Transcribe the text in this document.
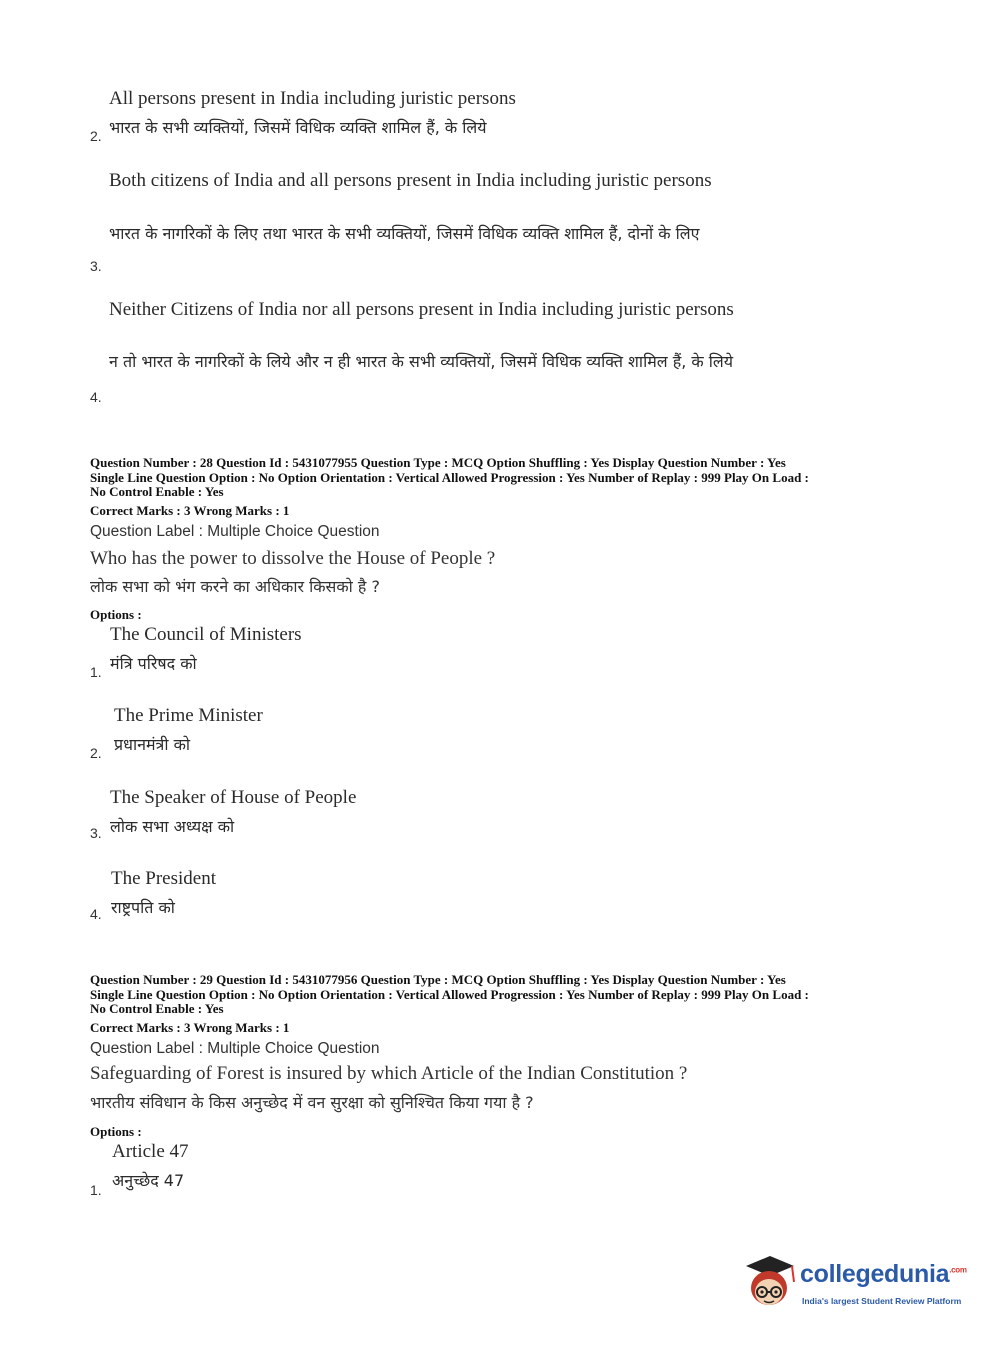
All persons present in India including juristic persons
भारत के सभी व्यक्तियों, जिसमें विधिक व्यक्ति शामिल हैं, के लिये
2.
Both citizens of India and all persons present in India including juristic persons
भारत के नागरिकों के लिए तथा भारत के सभी व्यक्तियों, जिसमें विधिक व्यक्ति शामिल हैं, दोनों के लिए
3.
Neither Citizens of India nor all persons present in India including juristic persons
न तो भारत के नागरिकों के लिये और न ही भारत के सभी व्यक्तियों, जिसमें विधिक व्यक्ति शामिल हैं, के लिये
4.
Question Number : 28 Question Id : 5431077955 Question Type : MCQ Option Shuffling : Yes Display Question Number : Yes
Single Line Question Option : No Option Orientation : Vertical Allowed Progression : Yes Number of Replay : 999 Play On Load :
No Control Enable : Yes
Correct Marks : 3 Wrong Marks : 1
Question Label : Multiple Choice Question
Who has the power to dissolve the House of People ?
लोक सभा को भंग करने का अधिकार किसको है ?
Options :
The Council of Ministers
मंत्रि परिषद को
1.
The Prime Minister
प्रधानमंत्री को
2.
The Speaker of House of People
लोक सभा अध्यक्ष को
3.
The President
राष्ट्रपति को
4.
Question Number : 29 Question Id : 5431077956 Question Type : MCQ Option Shuffling : Yes Display Question Number : Yes
Single Line Question Option : No Option Orientation : Vertical Allowed Progression : Yes Number of Replay : 999 Play On Load :
No Control Enable : Yes
Correct Marks : 3 Wrong Marks : 1
Question Label : Multiple Choice Question
Safeguarding of Forest is insured by which Article of the Indian Constitution ?
भारतीय संविधान के किस अनुच्छेद में वन सुरक्षा को सुनिश्चित किया गया है ?
Options :
Article 47
अनुच्छेद 47
1.
collegedunia$^{.com}$
India's largest Student Review Platform
